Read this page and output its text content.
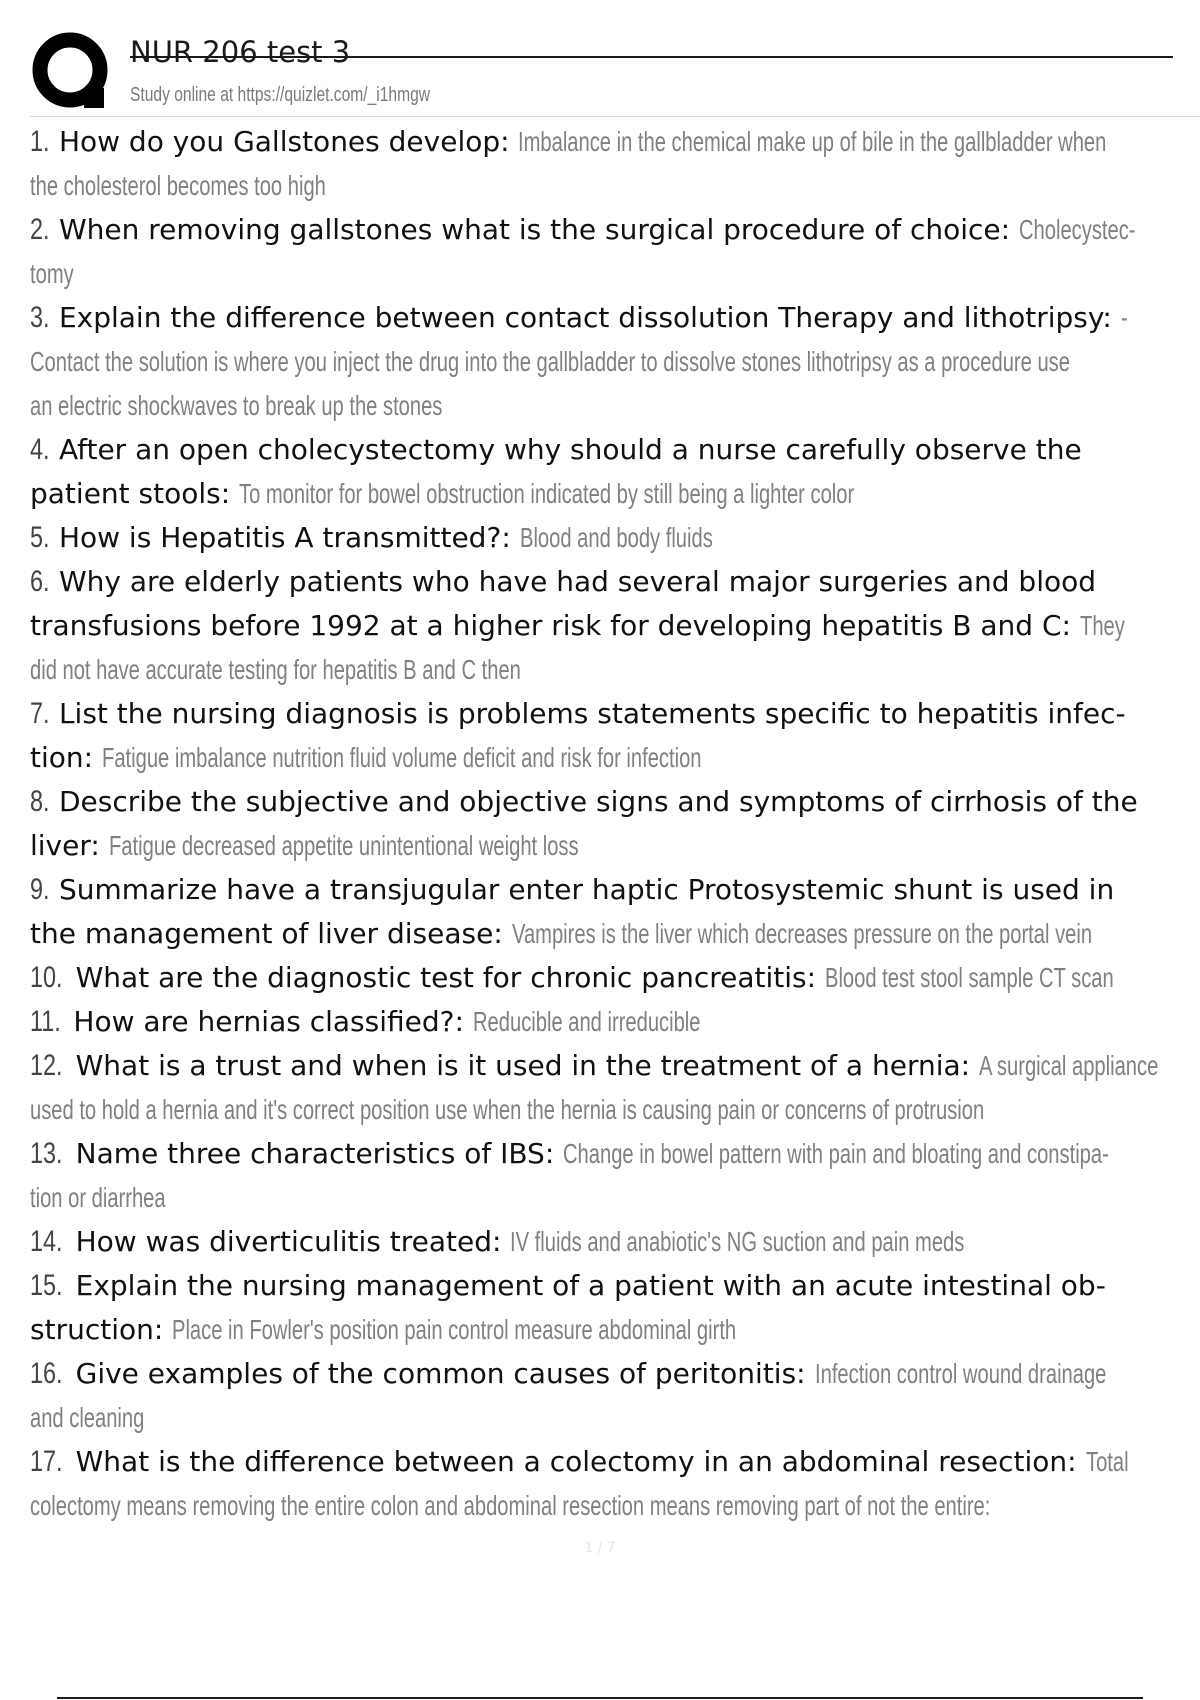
NUR 206 test 3
Study online at https://quizlet.com/_i1hmgw
1. How do you Gallstones develop: Imbalance in the chemical make up of bile in the gallbladder when
the cholesterol becomes too high
2. When removing gallstones what is the surgical procedure of choice: Cholecystec-
tomy
3. Explain the difference between contact dissolution Therapy and lithotripsy: -
Contact the solution is where you inject the drug into the gallbladder to dissolve stones lithotripsy as a procedure use
an electric shockwaves to break up the stones
4. After an open cholecystectomy why should a nurse carefully observe the
patient stools: To monitor for bowel obstruction indicated by still being a lighter color
5. How is Hepatitis A transmitted?: Blood and body fluids
6. Why are elderly patients who have had several major surgeries and blood
transfusions before 1992 at a higher risk for developing hepatitis B and C: They
did not have accurate testing for hepatitis B and C then
7. List the nursing diagnosis is problems statements specific to hepatitis infec-
tion: Fatigue imbalance nutrition fluid volume deficit and risk for infection
8. Describe the subjective and objective signs and symptoms of cirrhosis of the
liver: Fatigue decreased appetite unintentional weight loss
9. Summarize have a transjugular enter haptic Protosystemic shunt is used in
the management of liver disease: Vampires is the liver which decreases pressure on the portal vein
10. What are the diagnostic test for chronic pancreatitis: Blood test stool sample CT scan
11. How are hernias classified?: Reducible and irreducible
12. What is a trust and when is it used in the treatment of a hernia: A surgical appliance
used to hold a hernia and it's correct position use when the hernia is causing pain or concerns of protrusion
13. Name three characteristics of IBS: Change in bowel pattern with pain and bloating and constipa-
tion or diarrhea
14. How was diverticulitis treated: IV fluids and anabiotic's NG suction and pain meds
15. Explain the nursing management of a patient with an acute intestinal ob-
struction: Place in Fowler's position pain control measure abdominal girth
16. Give examples of the common causes of peritonitis: Infection control wound drainage
and cleaning
17. What is the difference between a colectomy in an abdominal resection: Total
colectomy means removing the entire colon and abdominal resection means removing part of not the entire:
1 / 7
